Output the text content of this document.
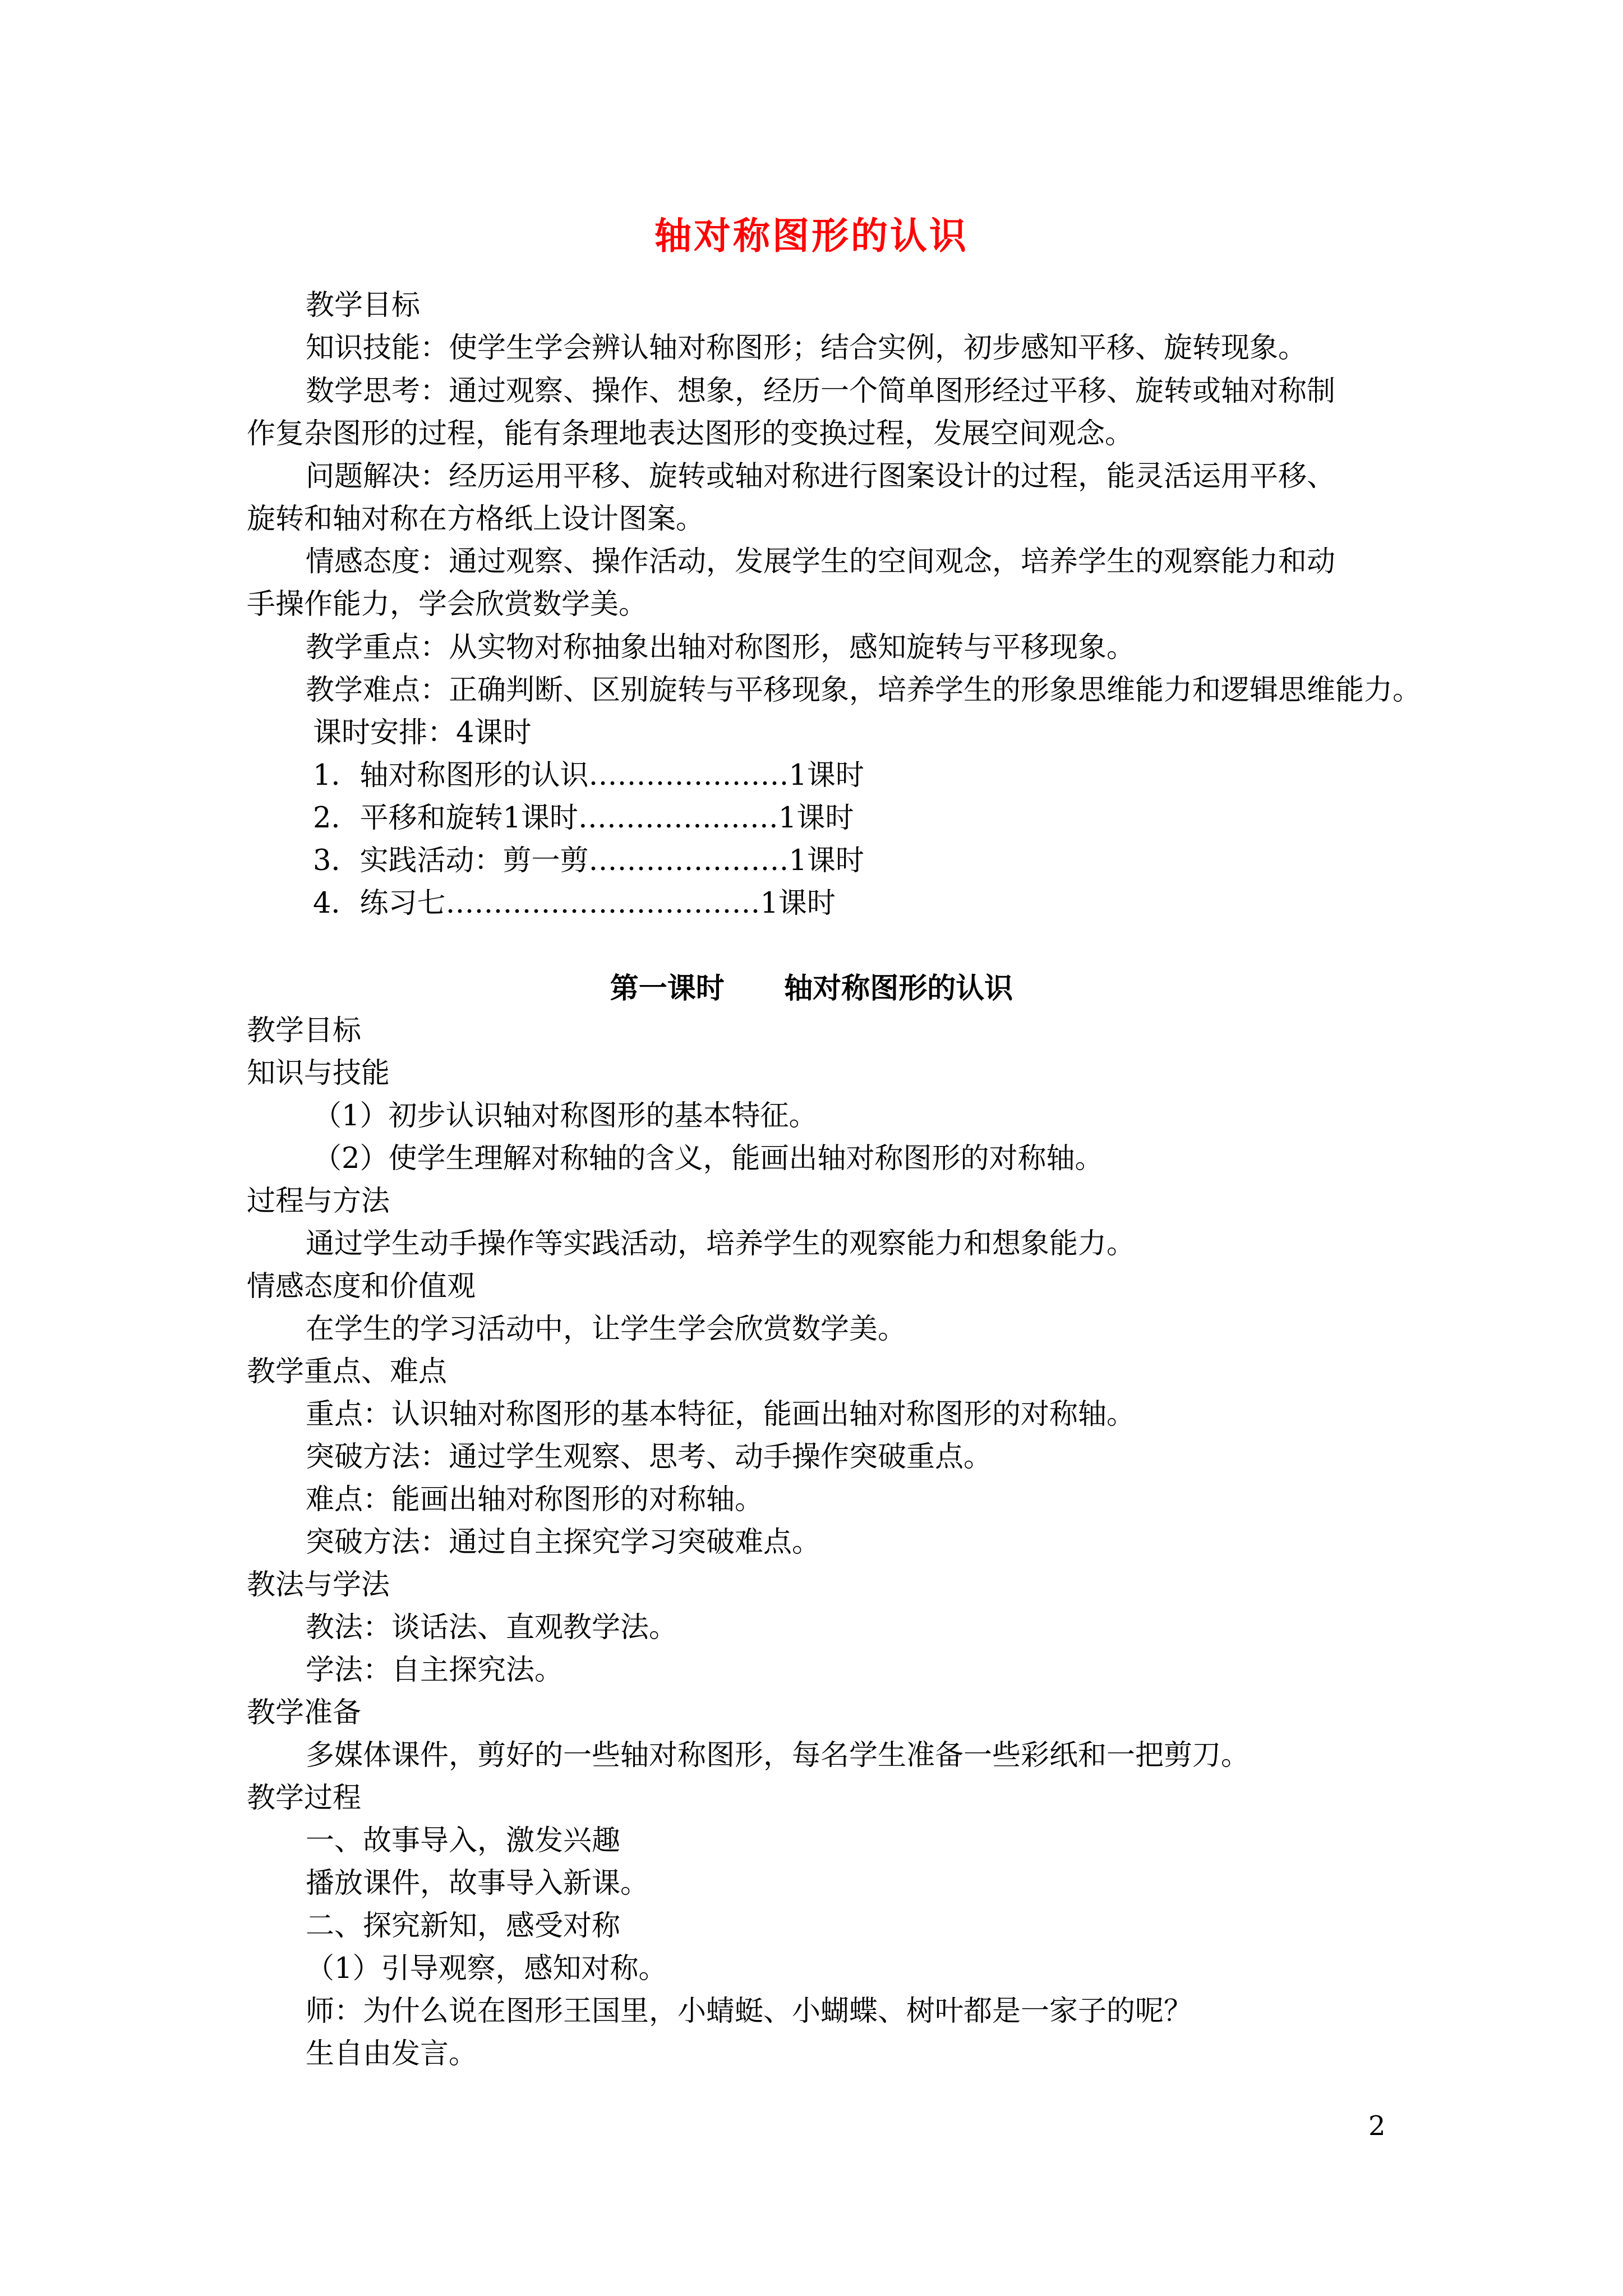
轴对称图形的认识
教学目标
知识技能：使学生学会辨认轴对称图形；结合实例，初步感知平移、旋转现象。
数学思考：通过观察、操作、想象，经历一个简单图形经过平移、旋转或轴对称制作复杂图形的过程，能有条理地表达图形的变换过程，发展空间观念。
问题解决：经历运用平移、旋转或轴对称进行图案设计的过程，能灵活运用平移、旋转和轴对称在方格纸上设计图案。
情感态度：通过观察、操作活动，发展学生的空间观念，培养学生的观察能力和动手操作能力，学会欣赏数学美。
教学重点：从实物对称抽象出轴对称图形，感知旋转与平移现象。
教学难点：正确判断、区别旋转与平移现象，培养学生的形象思维能力和逻辑思维能力。
课时安排：4课时
1．轴对称图形的认识…………………1课时
2．平移和旋转1课时…………………1课时
3．实践活动：剪一剪…………………1课时
4．练习七……………………………1课时
第一课时      轴对称图形的认识
教学目标
知识与技能
（1）初步认识轴对称图形的基本特征。
（2）使学生理解对称轴的含义，能画出轴对称图形的对称轴。
过程与方法
通过学生动手操作等实践活动，培养学生的观察能力和想象能力。
情感态度和价值观
在学生的学习活动中，让学生学会欣赏数学美。
教学重点、难点
重点：认识轴对称图形的基本特征，能画出轴对称图形的对称轴。
突破方法：通过学生观察、思考、动手操作突破重点。
难点：能画出轴对称图形的对称轴。
突破方法：通过自主探究学习突破难点。
教法与学法
教法：谈话法、直观教学法。
学法：自主探究法。
教学准备
多媒体课件，剪好的一些轴对称图形，每名学生准备一些彩纸和一把剪刀。
教学过程
一、故事导入，激发兴趣
播放课件，故事导入新课。
二、探究新知，感受对称
（1）引导观察，感知对称。
师：为什么说在图形王国里，小蜻蜓、小蝴蝶、树叶都是一家子的呢？
生自由发言。
2
